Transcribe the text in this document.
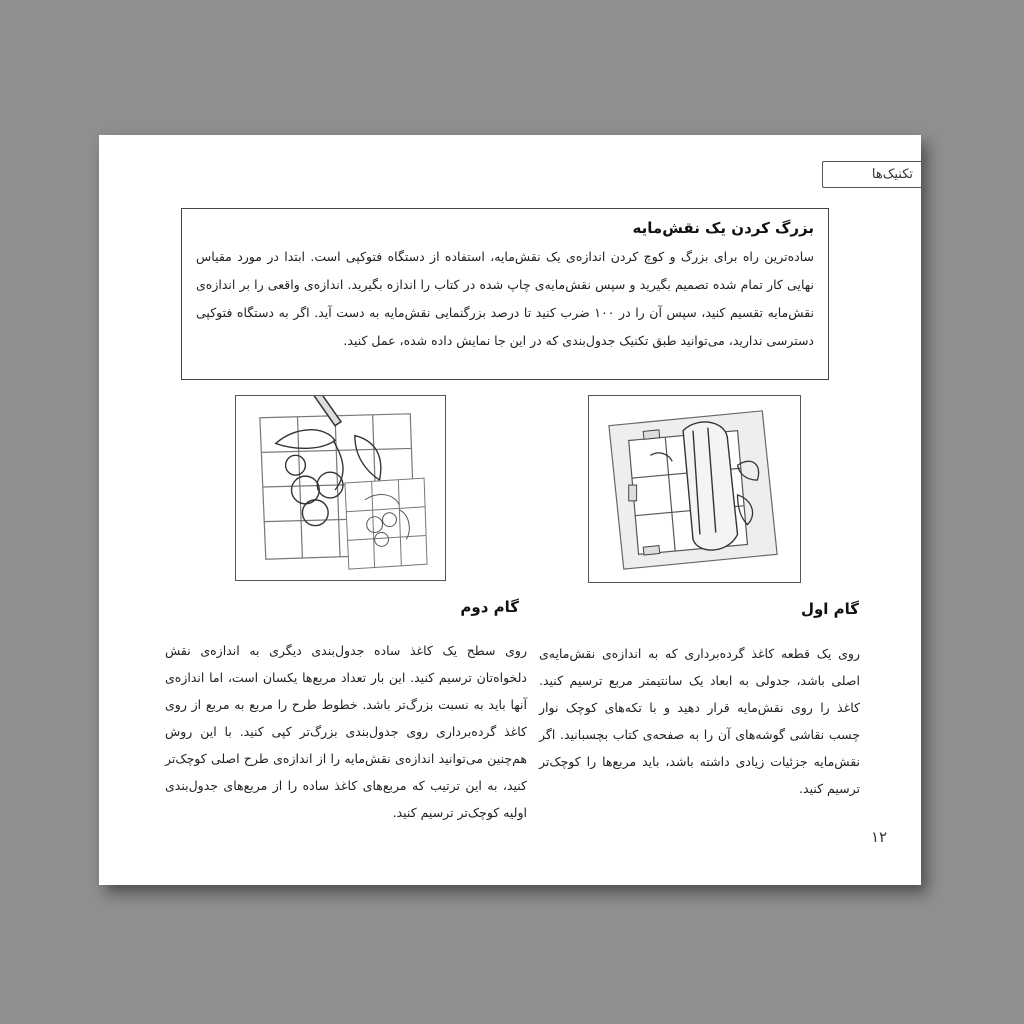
تکنیک‌ها
بزرگ کردن یک نقش‌مایه
ساده‌ترین راه برای بزرگ و کوچ کردن اندازه‌ی یک نقش‌مایه، استفاده از دستگاه فتوکپی است. ابتدا در مورد مقیاس نهایی کار تمام شده تصمیم بگیرید و سپس نقش‌مایه‌ی چاپ شده در کتاب را اندازه بگیرید. اندازه‌ی واقعی را بر اندازه‌ی نقش‌مایه تقسیم کنید، سپس آن را در ۱۰۰ ضرب کنید تا درصد بزرگنمایی نقش‌مایه به دست آید. اگر به دستگاه فتوکپی دسترسی ندارید، می‌توانید طبق تکنیک جدول‌بندی که در این جا نمایش داده شده، عمل کنید.
گام دوم
روی سطح یک کاغذ ساده جدول‌بندی دیگری به اندازه‌ی نقش دلخواه‌تان ترسیم کنید. این بار تعداد مربع‌ها یکسان است، اما اندازه‌ی آنها باید به نسبت بزرگ‌تر باشد. خطوط طرح را مربع به مربع از روی کاغذ گرده‌برداری روی جدول‌بندی بزرگ‌تر کپی کنید. با این روش هم‌چنین می‌توانید اندازه‌ی نقش‌مایه را از اندازه‌ی طرح اصلی کوچک‌تر کنید، به این ترتیب که مربع‌های کاغذ ساده را از مربع‌های جدول‌بندی اولیه کوچک‌تر ترسیم کنید.
گام اول
روی یک قطعه کاغذ گرده‌برداری که به اندازه‌ی نقش‌مایه‌ی اصلی باشد، جدولی به ابعاد یک سانتیمتر مربع ترسیم کنید. کاغذ را روی نقش‌مایه قرار دهید و با تکه‌های کوچک نوار چسب نقاشی گوشه‌های آن را به صفحه‌ی کتاب بچسبانید. اگر نقش‌مایه جزئیات زیادی داشته باشد، باید مربع‌ها را کوچک‌تر ترسیم کنید.
۱۲
